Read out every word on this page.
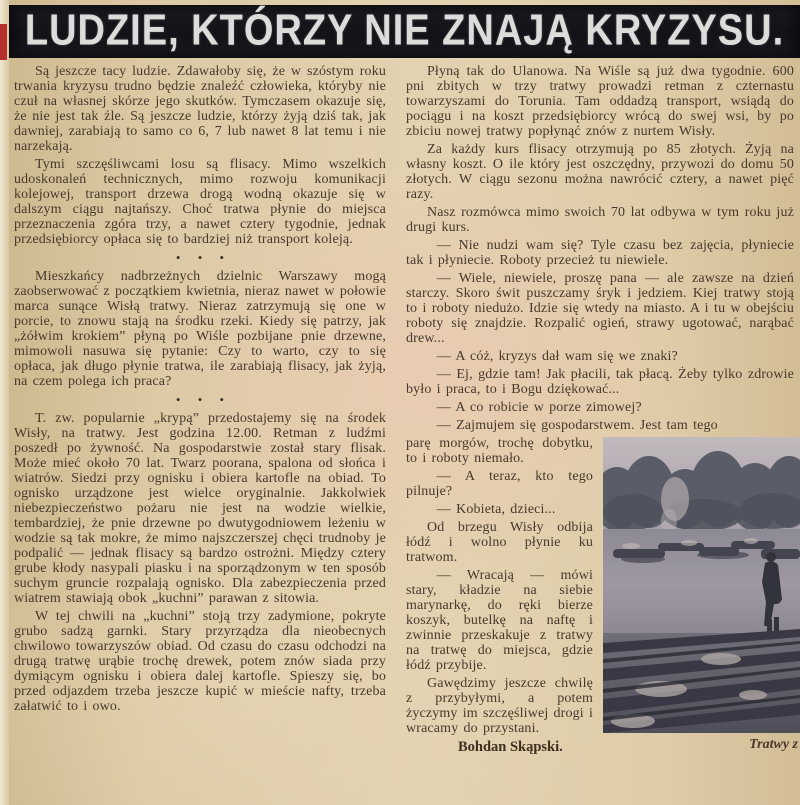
LUDZIE, KTÓRZY NIE ZNAJĄ KRYZYSU.

Są jeszcze tacy ludzie. Zdawałoby się, że w szóstym roku trwania kryzysu trudno będzie znaleźć człowieka, któryby nie czuł na własnej skórze jego skutków. Tymczasem okazuje się, że nie jest tak źle. Są jeszcze ludzie, którzy żyją dziś tak, jak dawniej, zarabiają to samo co 6, 7 lub nawet 8 lat temu i nie narzekają.

Tymi szczęśliwcami losu są flisacy. Mimo wszelkich udoskonaleń technicznych, mimo rozwoju komunikacji kolejowej, transport drzewa drogą wodną okazuje się w dalszym ciągu najtańszy. Choć tratwa płynie do miejsca przeznaczenia zgóra trzy, a nawet cztery tygodnie, jednak przedsiębiorcy opłaca się to bardziej niż transport koleją.

• • •

Mieszkańcy nadbrzeżnych dzielnic Warszawy mogą zaobserwować z początkiem kwietnia, nieraz nawet w połowie marca sunące Wisłą tratwy. Nieraz zatrzymują się one w porcie, to znowu stają na środku rzeki. Kiedy się patrzy, jak „żółwim krokiem” płyną po Wiśle pozbijane pnie drzewne, mimowoli nasuwa się pytanie: Czy to warto, czy to się opłaca, jak długo płynie tratwa, ile zarabiają flisacy, jak żyją, na czem polega ich praca?

• • •

T. zw. popularnie „krypą” przedostajemy się na środek Wisły, na tratwy. Jest godzina 12.00. Retman z ludźmi poszedł po żywność. Na gospodarstwie został stary flisak. Może mieć około 70 lat. Twarz poorana, spalona od słońca i wiatrów. Siedzi przy ognisku i obiera kartofle na obiad. To ognisko urządzone jest wielce oryginalnie. Jakkolwiek niebezpieczeństwo pożaru nie jest na wodzie wielkie, tembardziej, że pnie drzewne po dwutygodniowem leżeniu w wodzie są tak mokre, że mimo najszczerszej chęci trudnoby je podpalić — jednak flisacy są bardzo ostrożni. Między cztery grube kłody nasypali piasku i na sporządzonym w ten sposób suchym gruncie rozpalają ognisko. Dla zabezpieczenia przed wiatrem stawiają obok „kuchni” parawan z sitowia.

W tej chwili na „kuchni” stoją trzy zadymione, pokryte grubo sadzą garnki. Stary przyrządza dla nieobecnych chwilowo towarzyszów obiad. Od czasu do czasu odchodzi na drugą tratwę urąbie trochę drewek, potem znów siada przy dymiącym ognisku i obiera dalej kartofle. Spieszy się, bo przed odjazdem trzeba jeszcze kupić w mieście nafty, trzeba załatwić to i owo.

Płyną tak do Ulanowa. Na Wiśle są już dwa tygodnie. 600 pni zbitych w trzy tratwy prowadzi retman z czternastu towarzyszami do Torunia. Tam oddadzą transport, wsiądą do pociągu i na koszt przedsiębiorcy wrócą do swej wsi, by po zbiciu nowej tratwy popłynąć znów z nurtem Wisły.

Za każdy kurs flisacy otrzymują po 85 złotych. Żyją na własny koszt. O ile który jest oszczędny, przywozi do domu 50 złotych. W ciągu sezonu można nawrócić cztery, a nawet pięć razy.

Nasz rozmówca mimo swoich 70 lat odbywa w tym roku już drugi kurs.

— Nie nudzi wam się? Tyle czasu bez zajęcia, płyniecie tak i płyniecie. Roboty przecież tu niewiele.

— Wiele, niewiele, proszę pana — ale zawsze na dzień starczy. Skoro świt puszczamy śryk i jedziem. Kiej tratwy stoją to i roboty niedużo. Idzie się wtedy na miasto. A i tu w obejściu roboty się znajdzie. Rozpalić ogień, strawy ugotować, narąbać drew...

— A cóż, kryzys dał wam się we znaki?

— Ej, gdzie tam! Jak płacili, tak płacą. Żeby tylko zdrowie było i praca, to i Bogu dziękować...

— A co robicie w porze zimowej?

— Zajmujem się gospodarstwem. Jest tam tego

Tratwy z

parę morgów, trochę dobytku, to i roboty niemało.

— A teraz, kto tego pilnuje?

— Kobieta, dzieci...

Od brzegu Wisły odbija łódź i wolno płynie ku tratwom.

— Wracają — mówi stary, kładzie na siebie marynarkę, do ręki bierze koszyk, butelkę na naftę i zwinnie przeskakuje z tratwy na tratwę do miejsca, gdzie łódź przybije.

Gawędzimy jeszcze chwilę z przybyłymi, a potem życzymy im szczęśliwej drogi i wracamy do przystani.

Bohdan Skąpski.
